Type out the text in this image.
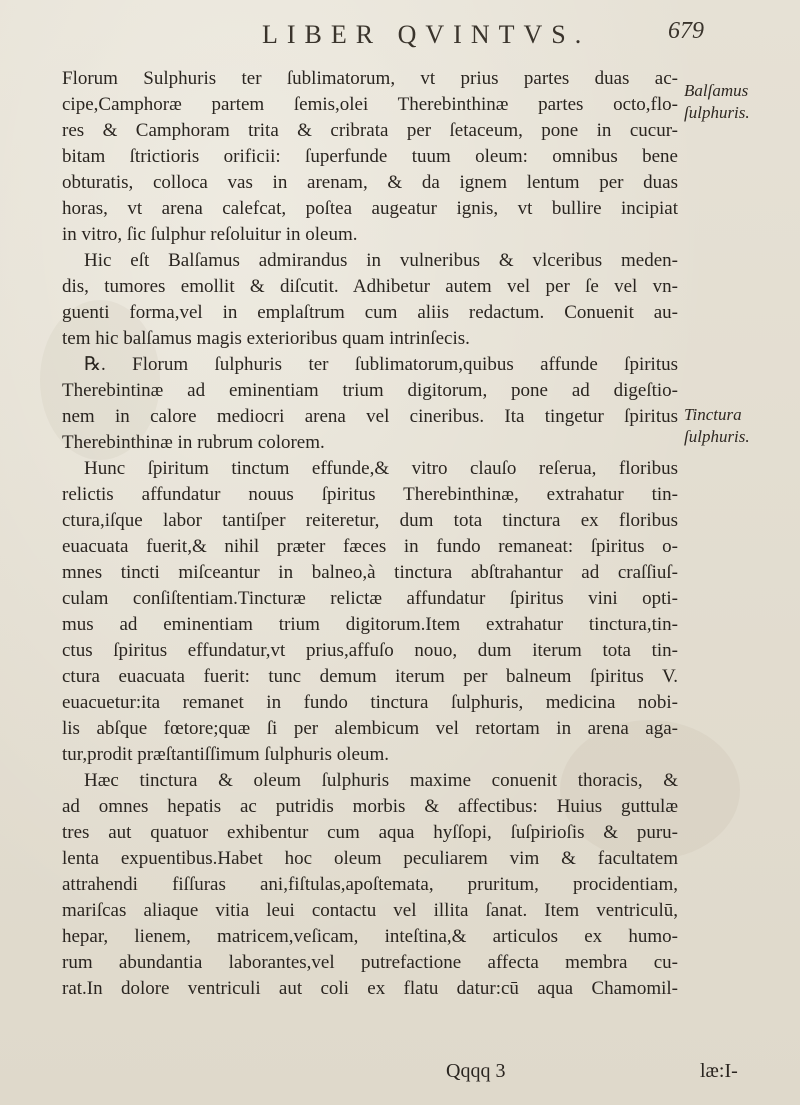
LIBER QVINTVS.	679
Florum Sulphuris ter ſublimatorum, vt prius partes duas ac-
cipe,Camphoræ partem ſemis,olei Therebinthinæ partes octo,flo-
res & Camphoram trita & cribrata per ſetaceum, pone in cucur-
bitam ſtrictioris orificii: ſuperfunde tuum oleum: omnibus bene
obturatis, colloca vas in arenam, & da ignem lentum per duas
horas, vt arena calefcat, poſtea augeatur ignis, vt bullire incipiat
in vitro, ſic ſulphur reſoluitur in oleum.
Hic eſt Balſamus admirandus in vulneribus & vlceribus meden-
dis, tumores emollit & diſcutit. Adhibetur autem vel per ſe vel vn-
guenti forma,vel in emplaſtrum cum aliis redactum. Conuenit au-
tem hic balſamus magis exterioribus quam intrinſecis.
℞. Florum ſulphuris ter ſublimatorum,quibus affunde ſpiritus
Therebintinæ ad eminentiam trium digitorum, pone ad digeſtio-
nem in calore mediocri arena vel cineribus. Ita tingetur ſpiritus
Therebinthinæ in rubrum colorem.
Hunc ſpiritum tinctum effunde,& vitro clauſo reſerua, floribus
relictis affundatur nouus ſpiritus Therebinthinæ, extrahatur tin-
ctura,iſque labor tantiſper reiteretur, dum tota tinctura ex floribus
euacuata fuerit,& nihil præter fæces in fundo remaneat: ſpiritus o-
mnes tincti miſceantur in balneo,à tinctura abſtrahantur ad craſſiuſ-
culam conſiſtentiam.Tincturæ relictæ affundatur ſpiritus vini opti-
mus ad eminentiam trium digitorum.Item extrahatur tinctura,tin-
ctus ſpiritus effundatur,vt prius,affuſo nouo, dum iterum tota tin-
ctura euacuata fuerit: tunc demum iterum per balneum ſpiritus V.
euacuetur:ita remanet in fundo tinctura ſulphuris, medicina nobi-
lis abſque fœtore;quæ ſi per alembicum vel retortam in arena aga-
tur,prodit præſtantiſſimum ſulphuris oleum.
Hæc tinctura & oleum ſulphuris maxime conuenit thoracis, &
ad omnes hepatis ac putridis morbis & affectibus: Huius guttulæ
tres aut quatuor exhibentur cum aqua hyſſopi, ſuſpirioſis & puru-
lenta expuentibus.Habet hoc oleum peculiarem vim & facultatem
attrahendi fiſſuras ani,fiſtulas,apoſtemata, pruritum, procidentiam,
mariſcas aliaque vitia leui contactu vel illita ſanat. Item ventriculū,
hepar, lienem, matricem,veſicam, inteſtina,& articulos ex humo-
rum abundantia laborantes,vel putrefactione affecta membra cu-
rat.In dolore ventriculi aut coli ex flatu datur:cū aqua Chamomil-
Balſamus
ſulphuris.
Tinctura
ſulphuris.
Qqqq 3	læ:I-
